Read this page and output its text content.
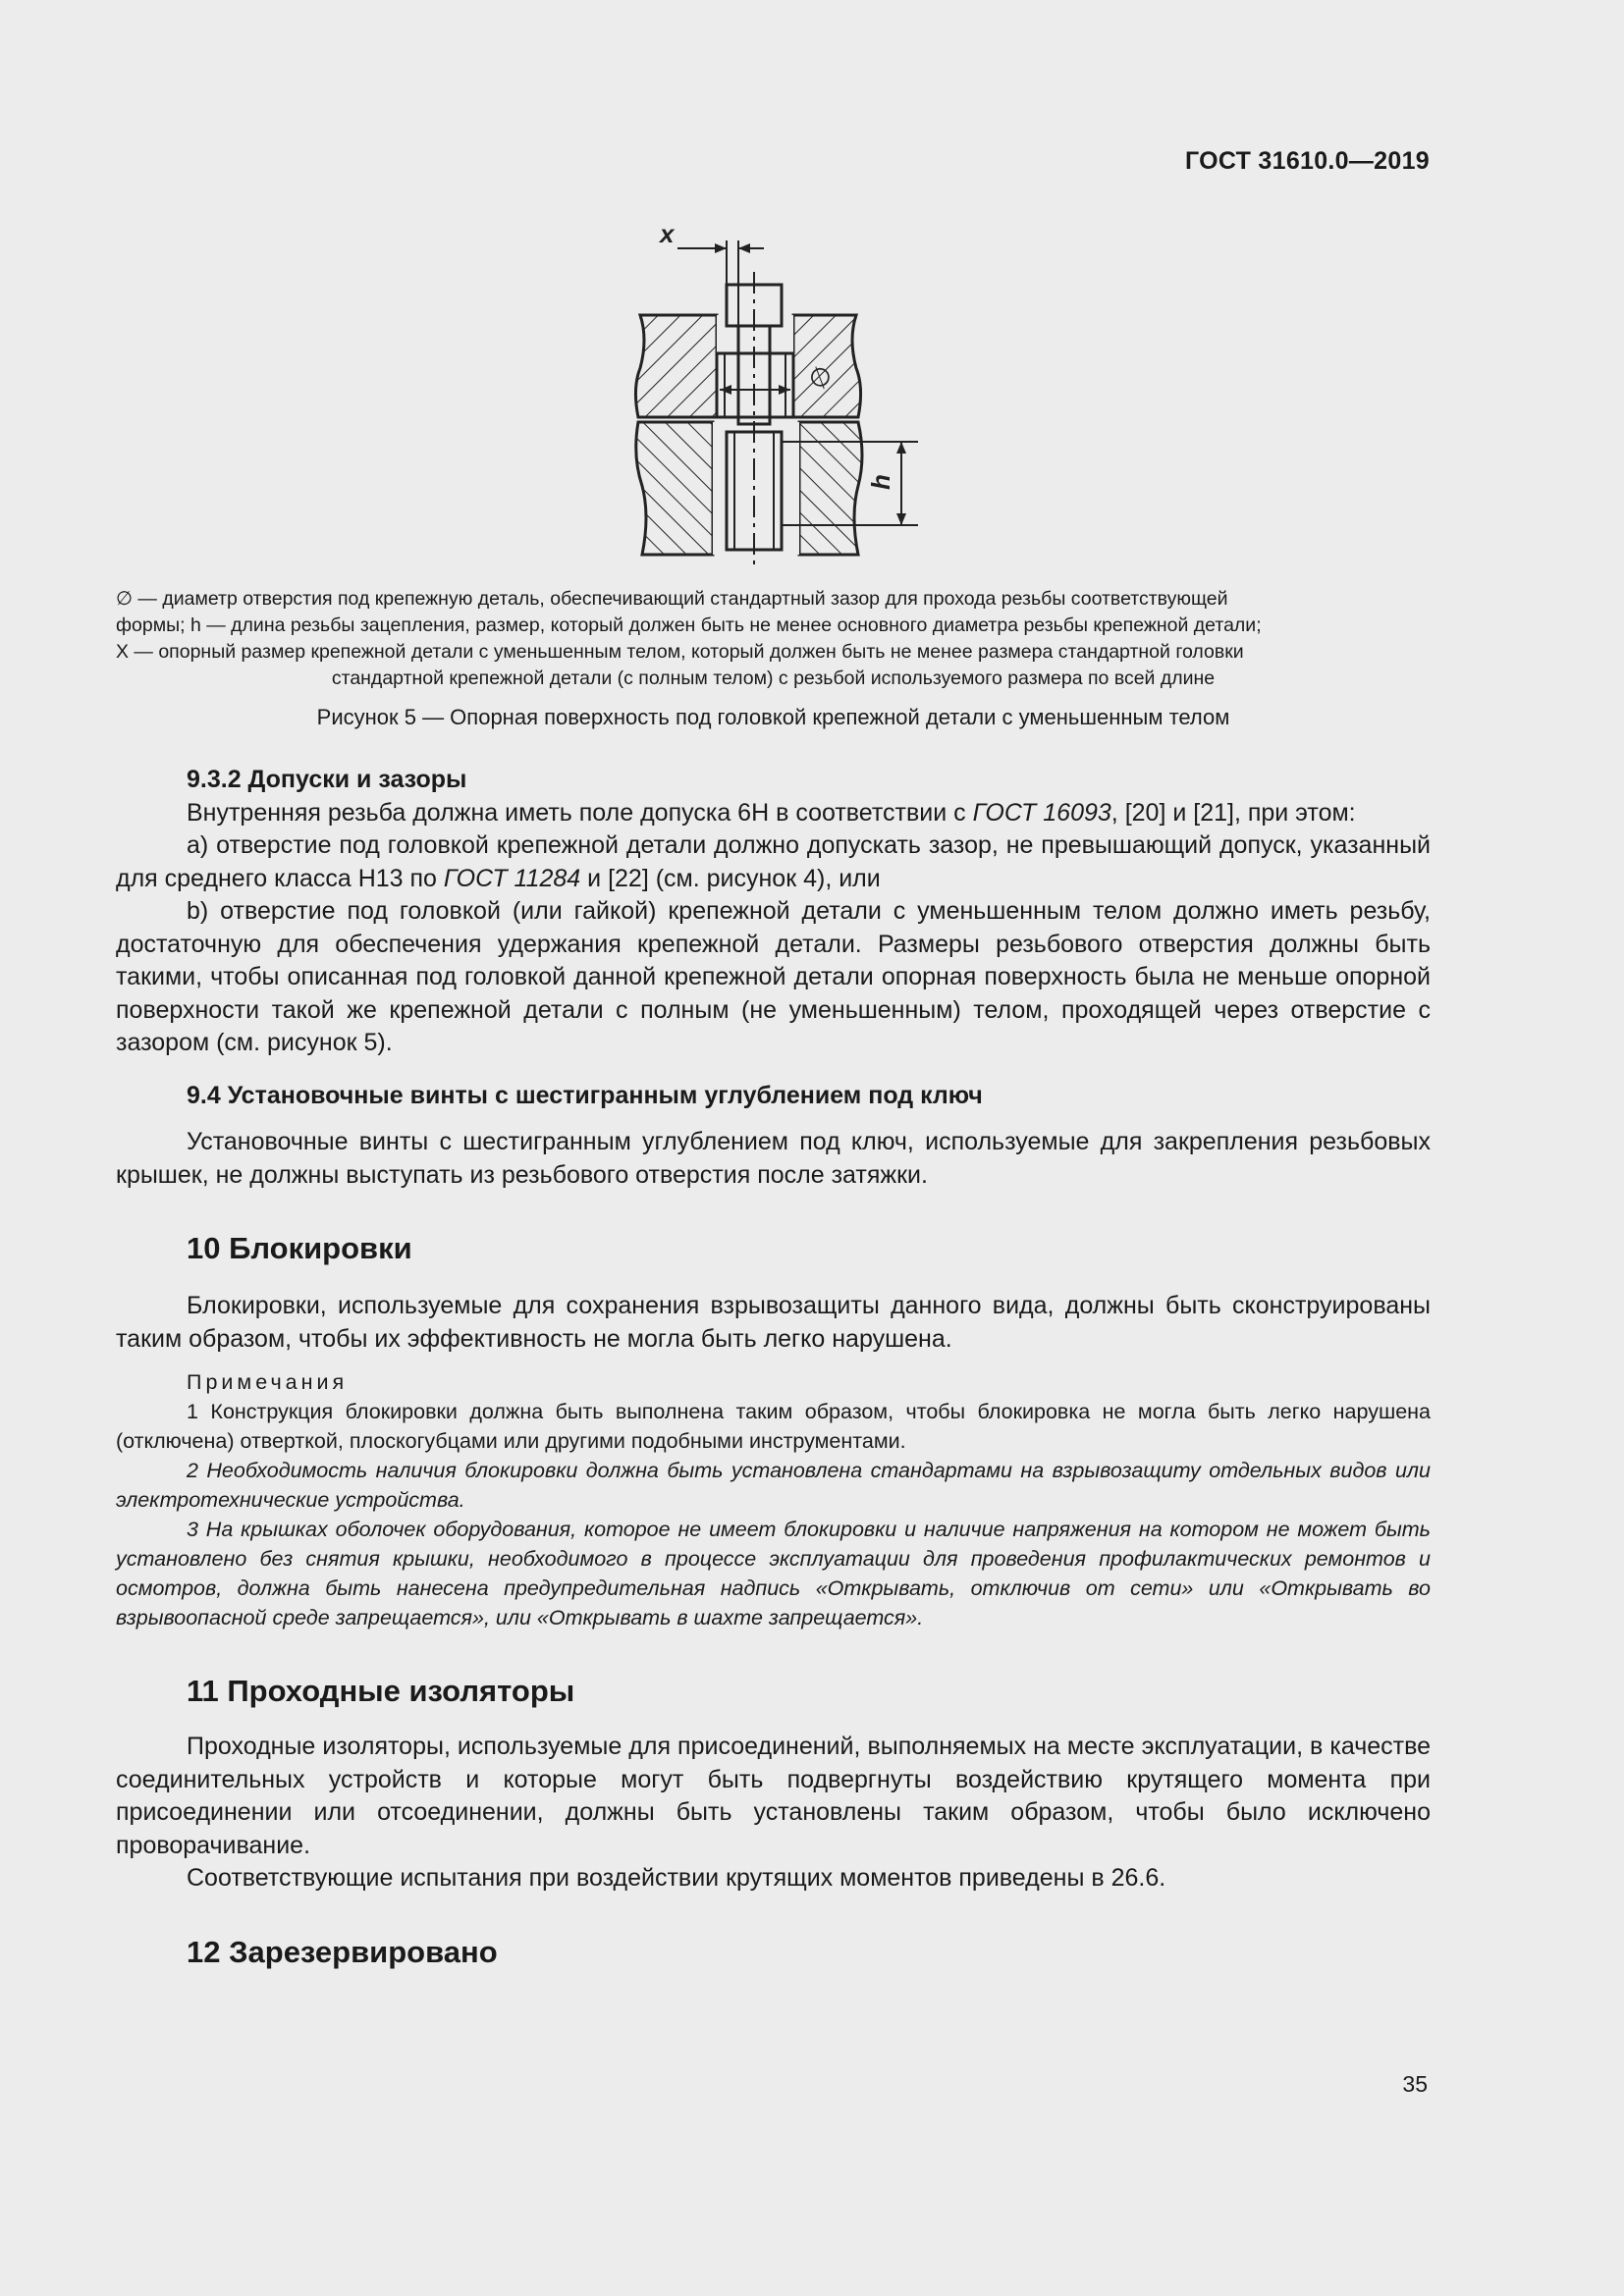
ГОСТ 31610.0—2019
x
∅
h

∅ — диаметр отверстия под крепежную деталь, обеспечивающий стандартный зазор для прохода резьбы соответствующей

формы; h — длина резьбы зацепления, размер, который должен быть не менее основного диаметра резьбы крепежной детали;

X — опорный размер крепежной детали с уменьшенным телом, который должен быть не менее размера стандартной головки

стандартной крепежной детали (с полным телом) с резьбой используемого размера по всей длине

Рисунок 5 — Опорная поверхность под головкой крепежной детали с уменьшенным телом

9.3.2 Допуски и зазоры

Внутренняя резьба должна иметь поле допуска 6Н в соответствии с ГОСТ 16093, [20] и [21], при этом:

a) отверстие под головкой крепежной детали должно допускать зазор, не превышающий допуск, указанный для среднего класса H13 по ГОСТ 11284 и [22] (см. рисунок 4), или

b) отверстие под головкой (или гайкой) крепежной детали с уменьшенным телом должно иметь резьбу, достаточную для обеспечения удержания крепежной детали. Размеры резьбового отверстия должны быть такими, чтобы описанная под головкой данной крепежной детали опорная поверхность была не меньше опорной поверхности такой же крепежной детали с полным (не уменьшенным) телом, проходящей через отверстие с зазором (см. рисунок 5).

9.4 Установочные винты с шестигранным углублением под ключ

Установочные винты с шестигранным углублением под ключ, используемые для закрепления резьбовых крышек, не должны выступать из резьбового отверстия после затяжки.

10 Блокировки

Блокировки, используемые для сохранения взрывозащиты данного вида, должны быть сконструированы таким образом, чтобы их эффективность не могла быть легко нарушена.

Примечания

1 Конструкция блокировки должна быть выполнена таким образом, чтобы блокировка не могла быть легко нарушена (отключена) отверткой, плоскогубцами или другими подобными инструментами.

2 Необходимость наличия блокировки должна быть установлена стандартами на взрывозащиту отдельных видов или электротехнические устройства.

3 На крышках оболочек оборудования, которое не имеет блокировки и наличие напряжения на котором не может быть установлено без снятия крышки, необходимого в процессе эксплуатации для проведения профилактических ремонтов и осмотров, должна быть нанесена предупредительная надпись «Открывать, отключив от сети» или «Открывать во взрывоопасной среде запрещается», или «Открывать в шахте запрещается».

11 Проходные изоляторы

Проходные изоляторы, используемые для присоединений, выполняемых на месте эксплуатации, в качестве соединительных устройств и которые могут быть подвергнуты воздействию крутящего момента при присоединении или отсоединении, должны быть установлены таким образом, чтобы было исключено проворачивание.

Соответствующие испытания при воздействии крутящих моментов приведены в 26.6.

12 Зарезервировано

35
